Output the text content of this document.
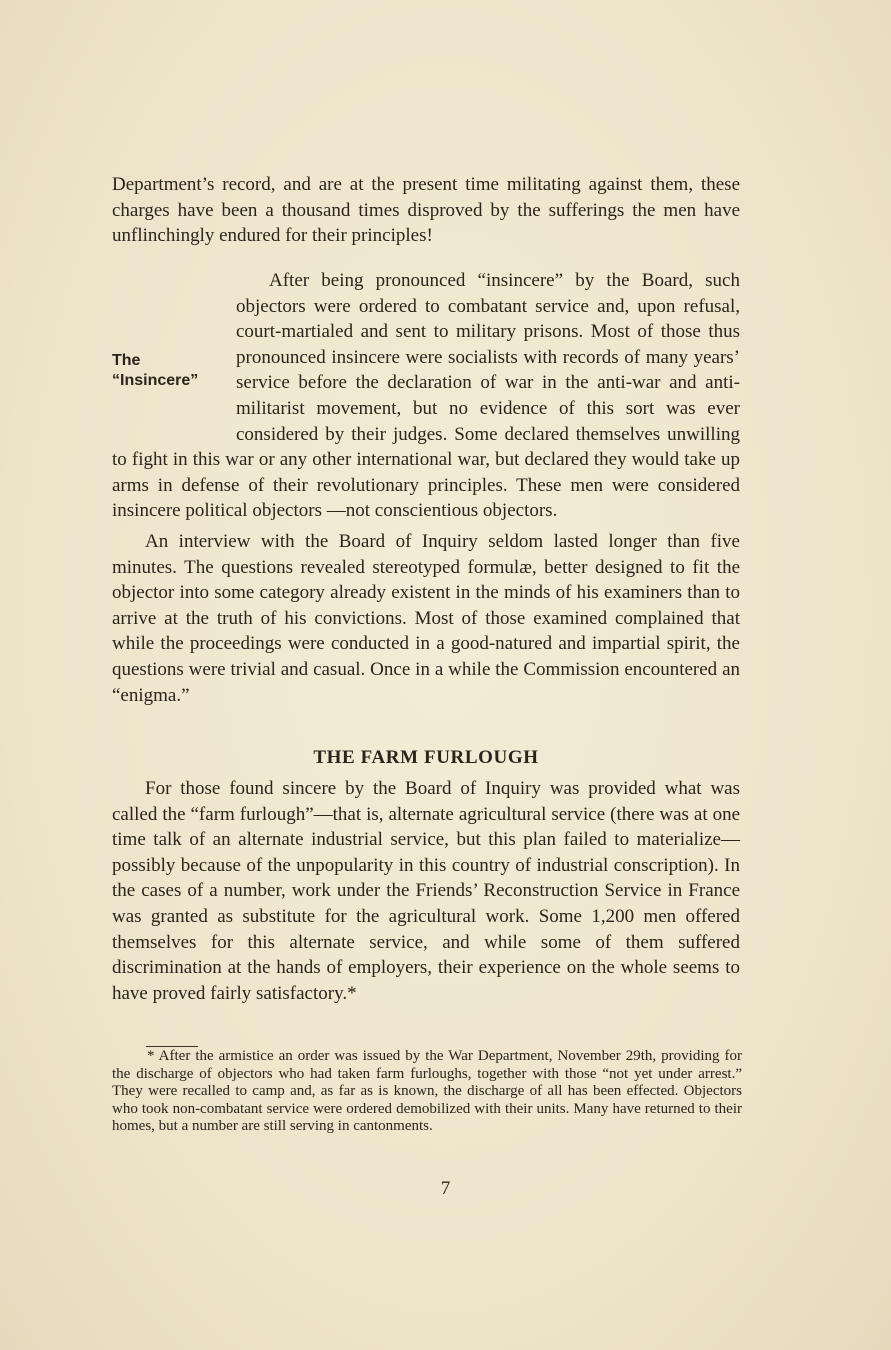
Department’s record, and are at the present time militating against them, these charges have been a thousand times disproved by the sufferings the men have unflinchingly endured for their principles!

The
“Insincere”
After being pronounced “insincere” by the Board, such objectors were ordered to combatant service and, upon refusal, court-martialed and sent to military prisons. Most of those thus pronounced insincere were socialists with records of many years’ service before the declaration of war in the anti-war and anti-militarist movement, but no evidence of this sort was ever considered by their judges. Some declared themselves unwilling to fight in this war or any other international war, but declared they would take up arms in defense of their revolutionary principles. These men were considered insincere political objectors —not conscientious objectors.

An interview with the Board of Inquiry seldom lasted longer than five minutes. The questions revealed stereotyped formulæ, better designed to fit the objector into some category already existent in the minds of his examiners than to arrive at the truth of his convictions. Most of those examined complained that while the proceedings were conducted in a good-natured and impartial spirit, the questions were trivial and casual. Once in a while the Commission encountered an “enigma.”

THE FARM FURLOUGH

For those found sincere by the Board of Inquiry was provided what was called the “farm furlough”—that is, alternate agricultural service (there was at one time talk of an alternate industrial service, but this plan failed to materialize—possibly because of the unpopularity in this country of industrial conscription). In the cases of a number, work under the Friends’ Reconstruction Service in France was granted as substitute for the agricultural work. Some 1,200 men offered themselves for this alternate service, and while some of them suffered discrimination at the hands of employers, their experience on the whole seems to have proved fairly satisfactory.*

* After the armistice an order was issued by the War Department, November 29th, providing for the discharge of objectors who had taken farm furloughs, together with those “not yet under arrest.” They were recalled to camp and, as far as is known, the discharge of all has been effected. Objectors who took non-combatant service were ordered demobilized with their units. Many have returned to their homes, but a number are still serving in cantonments.

7
